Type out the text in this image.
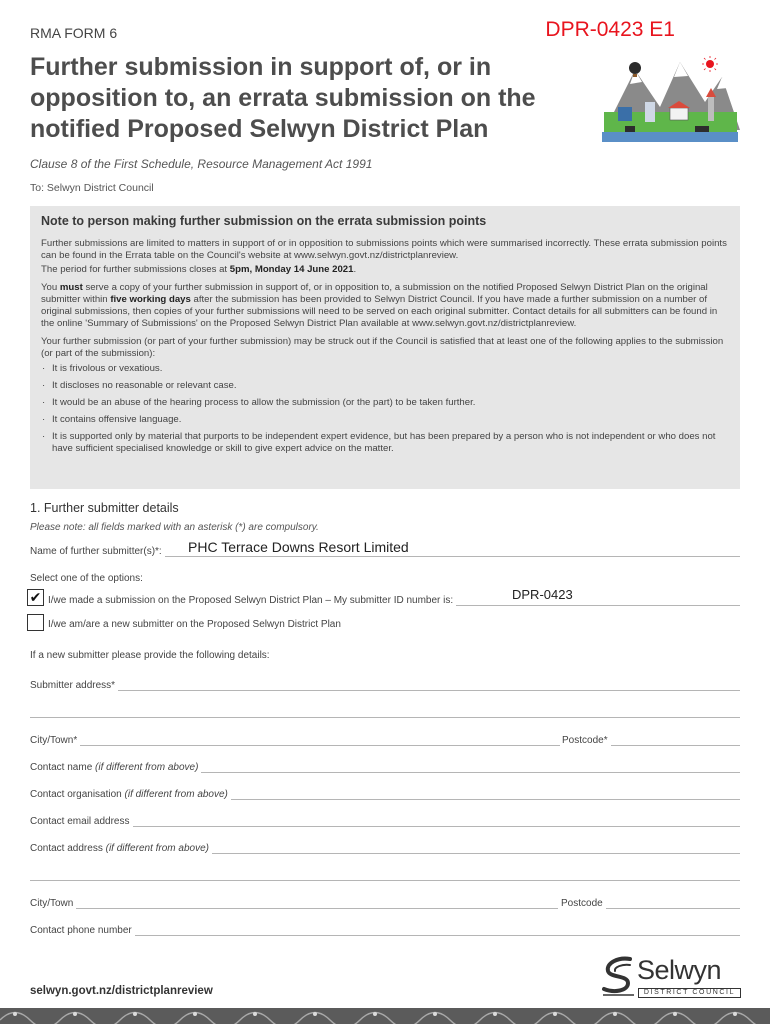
RMA FORM 6	DPR-0423 E1
Further submission in support of, or in opposition to, an errata submission on the notified Proposed Selwyn District Plan
Clause 8 of the First Schedule, Resource Management Act 1991
To: Selwyn District Council
Note to person making further submission on the errata submission points

Further submissions are limited to matters in support of or in opposition to submissions points which were summarised incorrectly. These errata submission points can be found in the Errata table on the Council's website at www.selwyn.govt.nz/districtplanreview.

The period for further submissions closes at 5pm, Monday 14 June 2021.

You must serve a copy of your further submission in support of, or in opposition to, a submission on the notified Proposed Selwyn District Plan on the original submitter within five working days after the submission has been provided to Selwyn District Council. If you have made a further submission on a number of original submissions, then copies of your further submissions will need to be served on each original submitter. Contact details for all submitters can be found in the online 'Summary of Submissions' on the Proposed Selwyn District Plan available at www.selwyn.govt.nz/districtplanreview.

Your further submission (or part of your further submission) may be struck out if the Council is satisfied that at least one of the following applies to the submission (or part of the submission):

· It is frivolous or vexatious.
· It discloses no reasonable or relevant case.
· It would be an abuse of the hearing process to allow the submission (or the part) to be taken further.
· It contains offensive language.
· It is supported only by material that purports to be independent expert evidence, but has been prepared by a person who is not independent or who does not have sufficient specialised knowledge or skill to give expert advice on the matter.
1. Further submitter details
Please note: all fields marked with an asterisk (*) are compulsory.
Name of further submitter(s)*: PHC Terrace Downs Resort Limited
Select one of the options:
✔ I/we made a submission on the Proposed Selwyn District Plan – My submitter ID number is:	DPR-0423
I/we am/are a new submitter on the Proposed Selwyn District Plan
If a new submitter please provide the following details:
Submitter address*
City/Town*	Postcode*
Contact name (if different from above)
Contact organisation (if different from above)
Contact email address
Contact address (if different from above)
City/Town	Postcode
Contact phone number
selwyn.govt.nz/districtplanreview
Selwyn
DISTRICT COUNCIL
